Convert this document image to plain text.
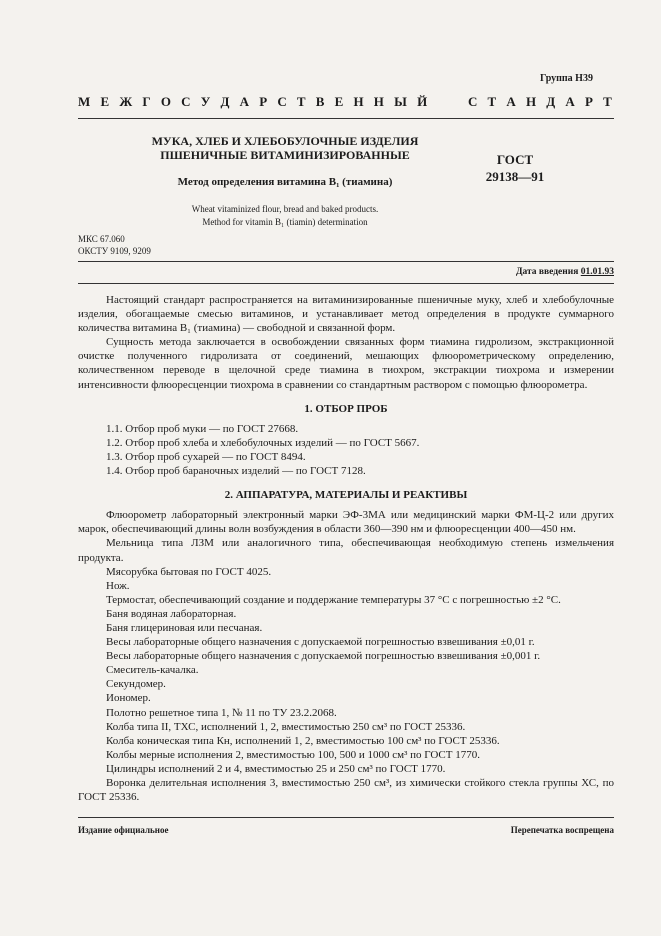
Группа Н39
М Е Ж Г О С У Д А Р С Т В Е Н Н Ы Й	С Т А Н Д А Р Т
МУКА, ХЛЕБ И ХЛЕБОБУЛОЧНЫЕ ИЗДЕЛИЯ
ПШЕНИЧНЫЕ ВИТАМИНИЗИРОВАННЫЕ
Метод определения витамина B₁ (тиамина)
ГОСТ
29138—91
Wheat vitaminized flour, bread and baked products.
Method for vitamin B₁ (tiamin) determination
МКС 67.060
ОКСТУ 9109, 9209
Дата введения 01.01.93

Настоящий стандарт распространяется на витаминизированные пшеничные муку, хлеб и хлебобулочные изделия, обогащаемые смесью витаминов, и устанавливает метод определения в продукте суммарного количества витамина B₁ (тиамина) — свободной и связанной форм.

Сущность метода заключается в освобождении связанных форм тиамина гидролизом, экстракционной очистке полученного гидролизата от соединений, мешающих флюорометрическому определению, количественном переводе в щелочной среде тиамина в тиохром, экстракции тиохрома и измерении интенсивности флюоресценции тиохрома в сравнении со стандартным раствором с помощью флюорометра.

1. ОТБОР ПРОБ

1.1. Отбор проб муки — по ГОСТ 27668.

1.2. Отбор проб хлеба и хлебобулочных изделий — по ГОСТ 5667.

1.3. Отбор проб сухарей — по ГОСТ 8494.

1.4. Отбор проб бараночных изделий — по ГОСТ 7128.

2. АППАРАТУРА, МАТЕРИАЛЫ И РЕАКТИВЫ

Флюорометр лабораторный электронный марки ЭФ-3МА или медицинский марки ФМ-Ц-2 или других марок, обеспечивающий длины волн возбуждения в области 360—390 нм и флюоресценции 400—450 нм.

Мельница типа ЛЗМ или аналогичного типа, обеспечивающая необходимую степень измельчения продукта.

Мясорубка бытовая по ГОСТ 4025.

Нож.

Термостат, обеспечивающий создание и поддержание температуры 37 °С с погрешностью ±2 °С.

Баня водяная лабораторная.

Баня глицериновая или песчаная.

Весы лабораторные общего назначения с допускаемой погрешностью взвешивания ±0,01 г.

Весы лабораторные общего назначения с допускаемой погрешностью взвешивания ±0,001 г.

Смеситель-качалка.

Секундомер.

Иономер.

Полотно решетное типа 1, № 11 по ТУ 23.2.2068.

Колба типа II, ТХС, исполнений 1, 2, вместимостью 250 см³ по ГОСТ 25336.

Колба коническая типа Кн, исполнений 1, 2, вместимостью 100 см³ по ГОСТ 25336.

Колбы мерные исполнения 2, вместимостью 100, 500 и 1000 см³ по ГОСТ 1770.

Цилиндры исполнений 2 и 4, вместимостью 25 и 250 см³ по ГОСТ 1770.

Воронка делительная исполнения 3, вместимостью 250 см³, из химически стойкого стекла группы ХС, по ГОСТ 25336.

Издание официальное	Перепечатка воспрещена
